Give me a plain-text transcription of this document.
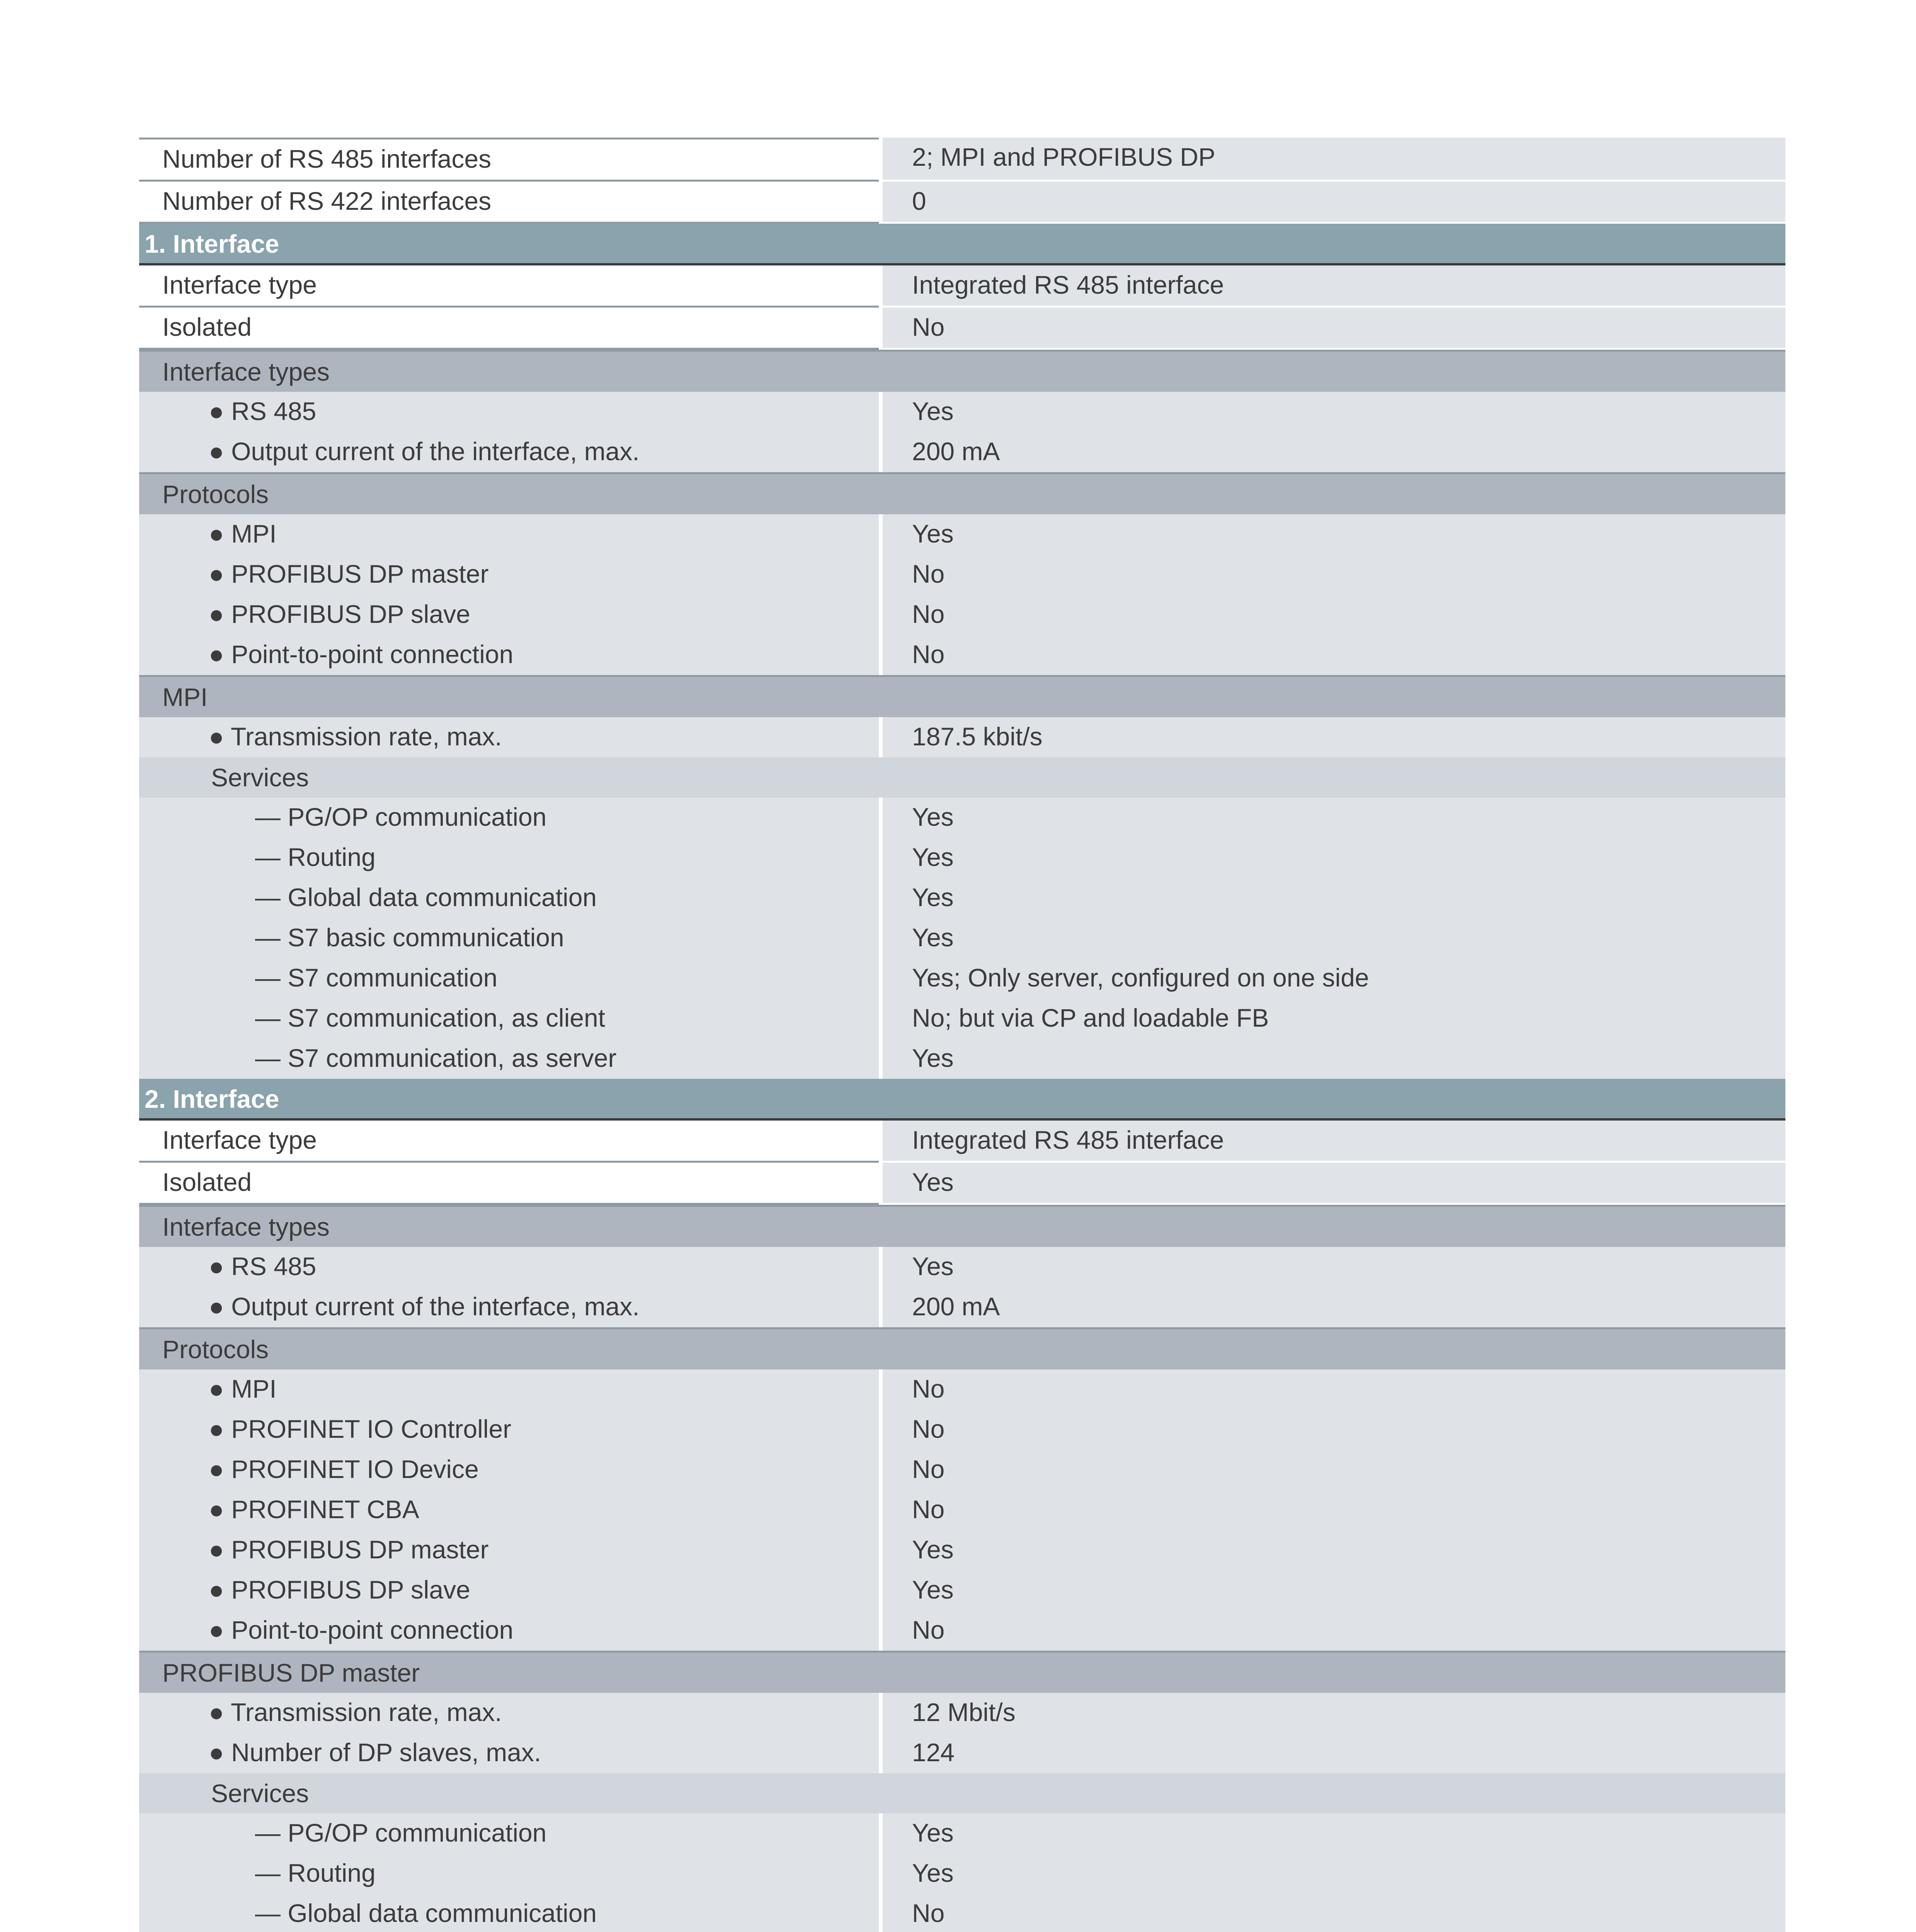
Number of RS 485 interfaces	2; MPI and PROFIBUS DP
Number of RS 422 interfaces	0
1. Interface
Interface type	Integrated RS 485 interface
Isolated	No
Interface types
● RS 485	Yes
● Output current of the interface, max.	200 mA
Protocols
● MPI	Yes
● PROFIBUS DP master	No
● PROFIBUS DP slave	No
● Point-to-point connection	No
MPI
● Transmission rate, max.	187.5 kbit/s
Services
— PG/OP communication	Yes
— Routing	Yes
— Global data communication	Yes
— S7 basic communication	Yes
— S7 communication	Yes; Only server, configured on one side
— S7 communication, as client	No; but via CP and loadable FB
— S7 communication, as server	Yes
2. Interface
Interface type	Integrated RS 485 interface
Isolated	Yes
Interface types
● RS 485	Yes
● Output current of the interface, max.	200 mA
Protocols
● MPI	No
● PROFINET IO Controller	No
● PROFINET IO Device	No
● PROFINET CBA	No
● PROFIBUS DP master	Yes
● PROFIBUS DP slave	Yes
● Point-to-point connection	No
PROFIBUS DP master
● Transmission rate, max.	12 Mbit/s
● Number of DP slaves, max.	124
Services
— PG/OP communication	Yes
— Routing	Yes
— Global data communication	No
